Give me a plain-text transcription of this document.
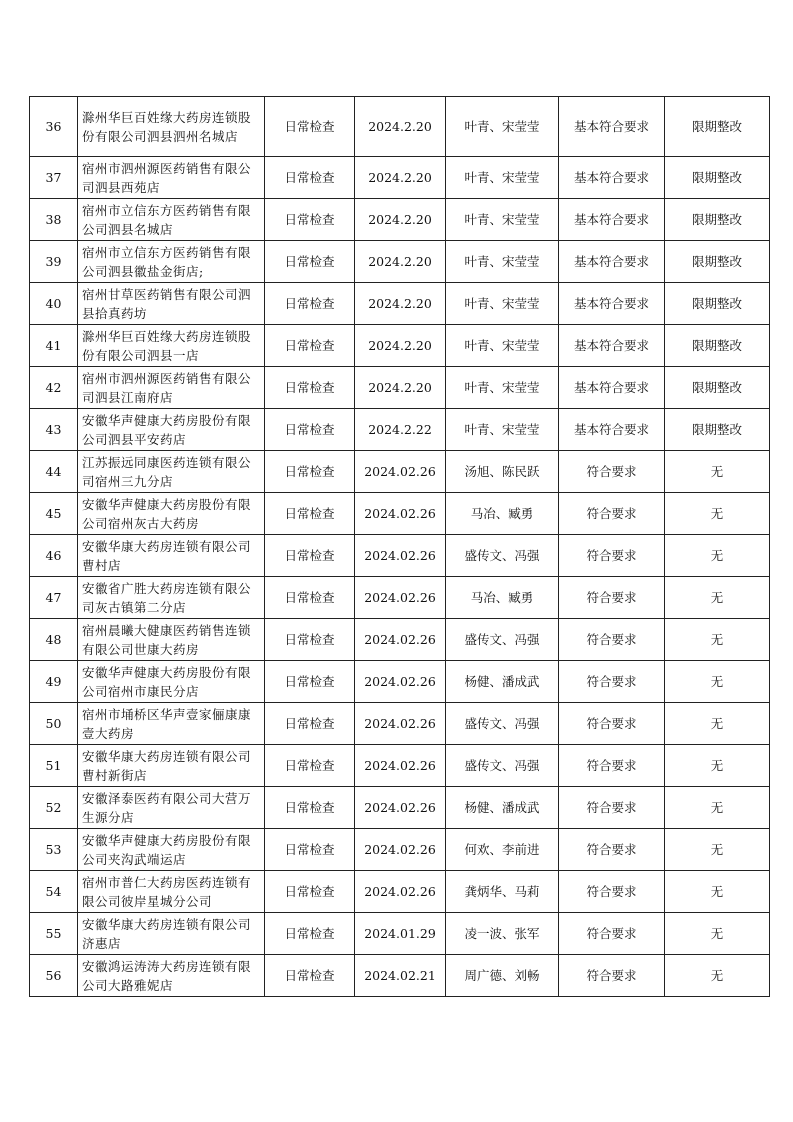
36	滁州华巨百姓缘大药房连锁股份有限公司泗县泗州名城店	日常检查	2024.2.20	叶青、宋莹莹	基本符合要求	限期整改
37	宿州市泗州源医药销售有限公司泗县西苑店	日常检查	2024.2.20	叶青、宋莹莹	基本符合要求	限期整改
38	宿州市立信东方医药销售有限公司泗县名城店	日常检查	2024.2.20	叶青、宋莹莹	基本符合要求	限期整改
39	宿州市立信东方医药销售有限公司泗县徽盐金街店;	日常检查	2024.2.20	叶青、宋莹莹	基本符合要求	限期整改
40	宿州甘草医药销售有限公司泗县拾真药坊	日常检查	2024.2.20	叶青、宋莹莹	基本符合要求	限期整改
41	滁州华巨百姓缘大药房连锁股份有限公司泗县一店	日常检查	2024.2.20	叶青、宋莹莹	基本符合要求	限期整改
42	宿州市泗州源医药销售有限公司泗县江南府店	日常检查	2024.2.20	叶青、宋莹莹	基本符合要求	限期整改
43	安徽华声健康大药房股份有限公司泗县平安药店	日常检查	2024.2.22	叶青、宋莹莹	基本符合要求	限期整改
44	江苏振远同康医药连锁有限公司宿州三九分店	日常检查	2024.02.26	汤旭、陈民跃	符合要求	无
45	安徽华声健康大药房股份有限公司宿州灰古大药房	日常检查	2024.02.26	马冶、臧勇	符合要求	无
46	安徽华康大药房连锁有限公司曹村店	日常检查	2024.02.26	盛传文、冯强	符合要求	无
47	安徽省广胜大药房连锁有限公司灰古镇第二分店	日常检查	2024.02.26	马冶、臧勇	符合要求	无
48	宿州晨曦大健康医药销售连锁有限公司世康大药房	日常检查	2024.02.26	盛传文、冯强	符合要求	无
49	安徽华声健康大药房股份有限公司宿州市康民分店	日常检查	2024.02.26	杨健、潘成武	符合要求	无
50	宿州市埇桥区华声壹家俪康康壹大药房	日常检查	2024.02.26	盛传文、冯强	符合要求	无
51	安徽华康大药房连锁有限公司曹村新街店	日常检查	2024.02.26	盛传文、冯强	符合要求	无
52	安徽泽泰医药有限公司大营万生源分店	日常检查	2024.02.26	杨健、潘成武	符合要求	无
53	安徽华声健康大药房股份有限公司夹沟武端运店	日常检查	2024.02.26	何欢、李前进	符合要求	无
54	宿州市普仁大药房医药连锁有限公司彼岸星城分公司	日常检查	2024.02.26	龚炳华、马莉	符合要求	无
55	安徽华康大药房连锁有限公司济惠店	日常检查	2024.01.29	凌一波、张军	符合要求	无
56	安徽鸿运涛涛大药房连锁有限公司大路雅妮店	日常检查	2024.02.21	周广德、刘畅	符合要求	无
